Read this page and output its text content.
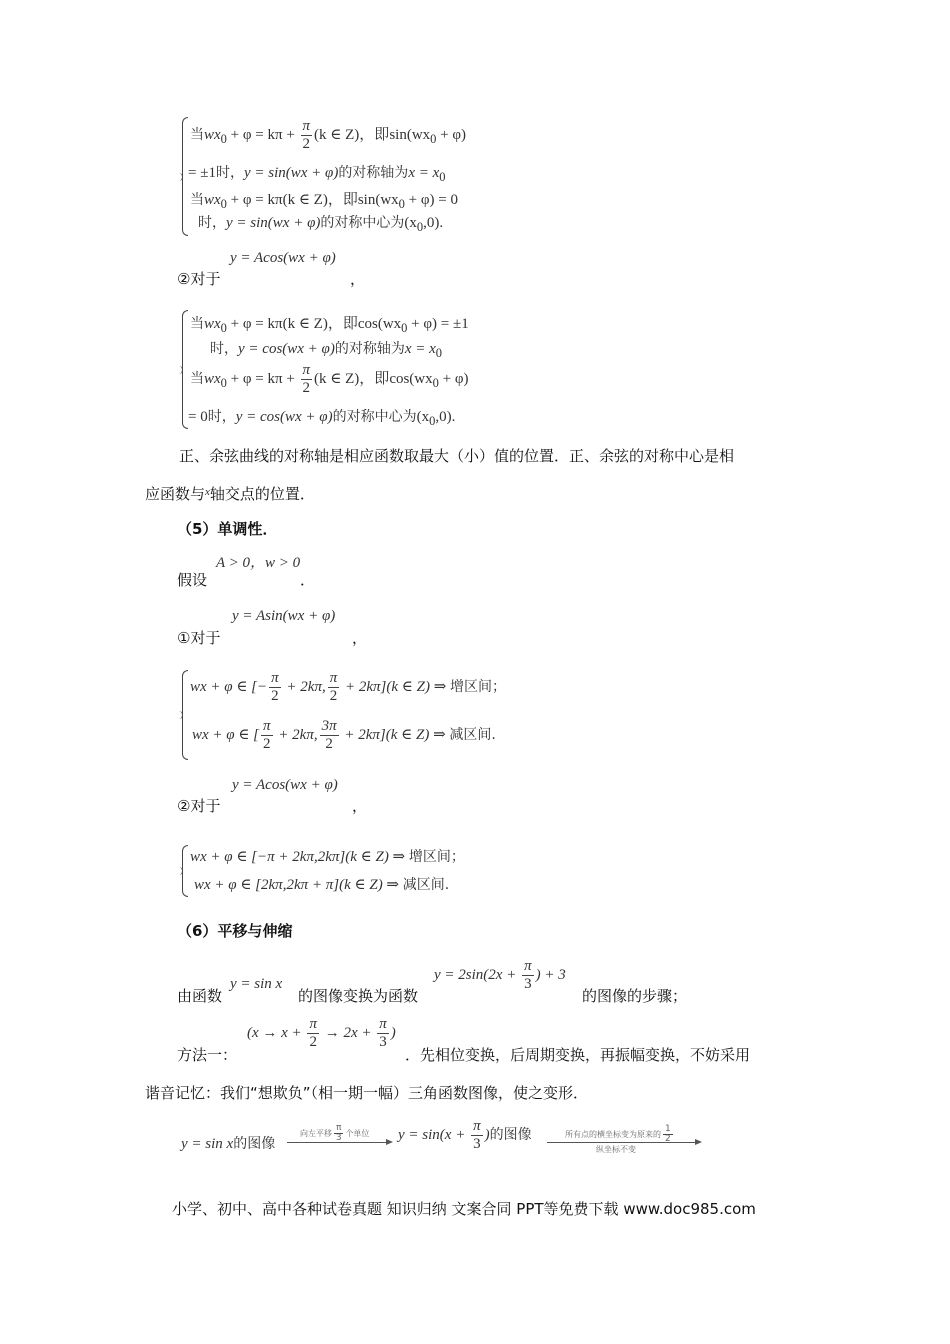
当$wx_0 + \varphi = k\pi + \frac{\pi}{2} (k$ ∈ Z)，即$\sin(wx_0 + \varphi)$
= ±1时，y = sin(wx + φ)的对称轴为$x = x_0$
当$wx_0 + \varphi = k\pi(k$ ∈ Z)，即$\sin(wx_0 + \varphi) = 0$
时，y = sin(wx + φ)的对称中心为$(x_0,0)$.
y = Acos(wx + φ)
②对于	，
当$wx_0 + \varphi = k\pi(k$ ∈ Z)，即$\cos(wx_0 + \varphi) = \pm 1$
时，y = cos(wx + φ)的对称轴为$x = x_0$
当$wx_0 + \varphi = k\pi + \frac{\pi}{2} (k$ ∈ Z)，即$\cos(wx_0 + \varphi)$
= 0时，y = cos(wx + φ)的对称中心为$(x_0,0)$.
正、余弦曲线的对称轴是相应函数取最大（小）值的位置．正、余弦的对称中心是相
应函数与$^x$轴交点的位置．
（5）单调性．
A > 0，w > 0
假设	．
y = Asin(wx + φ)
①对于	，
wx + φ ∈ [− $\frac{\pi}{2} + 2k\pi$, $\frac{\pi}{2} + 2k\pi](k$ ∈ Z) ⇒ 增区间；
wx + φ ∈ [ $\frac{\pi}{2} + 2k\pi$, $\frac{3\pi}{2} + 2k\pi](k$ ∈ Z) ⇒ 减区间.
y = Acos(wx + φ)
②对于	，
wx + φ ∈ [−π + 2kπ,2kπ](k ∈ Z) ⇒ 增区间；
wx + φ ∈ [2kπ,2kπ + π](k ∈ Z) ⇒ 减区间.
（6）平移与伸缩
y = sin x
$y = 2\sin(2x + \frac{\pi}{3}$ ) + 3
由函数	的图像变换为函数	的图像的步骤；
($x \to x + \frac{\pi}{2} \to 2x + \frac{\pi}{3}$ )
方法一：	．先相位变换，后周期变换，再振幅变换，不妨采用
谐音记忆：我们“想欺负”（相一期一幅）三角函数图像，使之变形．
y = sin x的图像
向左平移 $\frac{\pi}{3}$ 个单位 $y = \sin(x + \frac{\pi}{3}$ )的图像	所有点的横坐标变为原来的 $\frac{1}{2}$
纵坐标不变
小学、初中、高中各种试卷真题 知识归纳 文案合同 PPT等免费下载 www.doc985.com
